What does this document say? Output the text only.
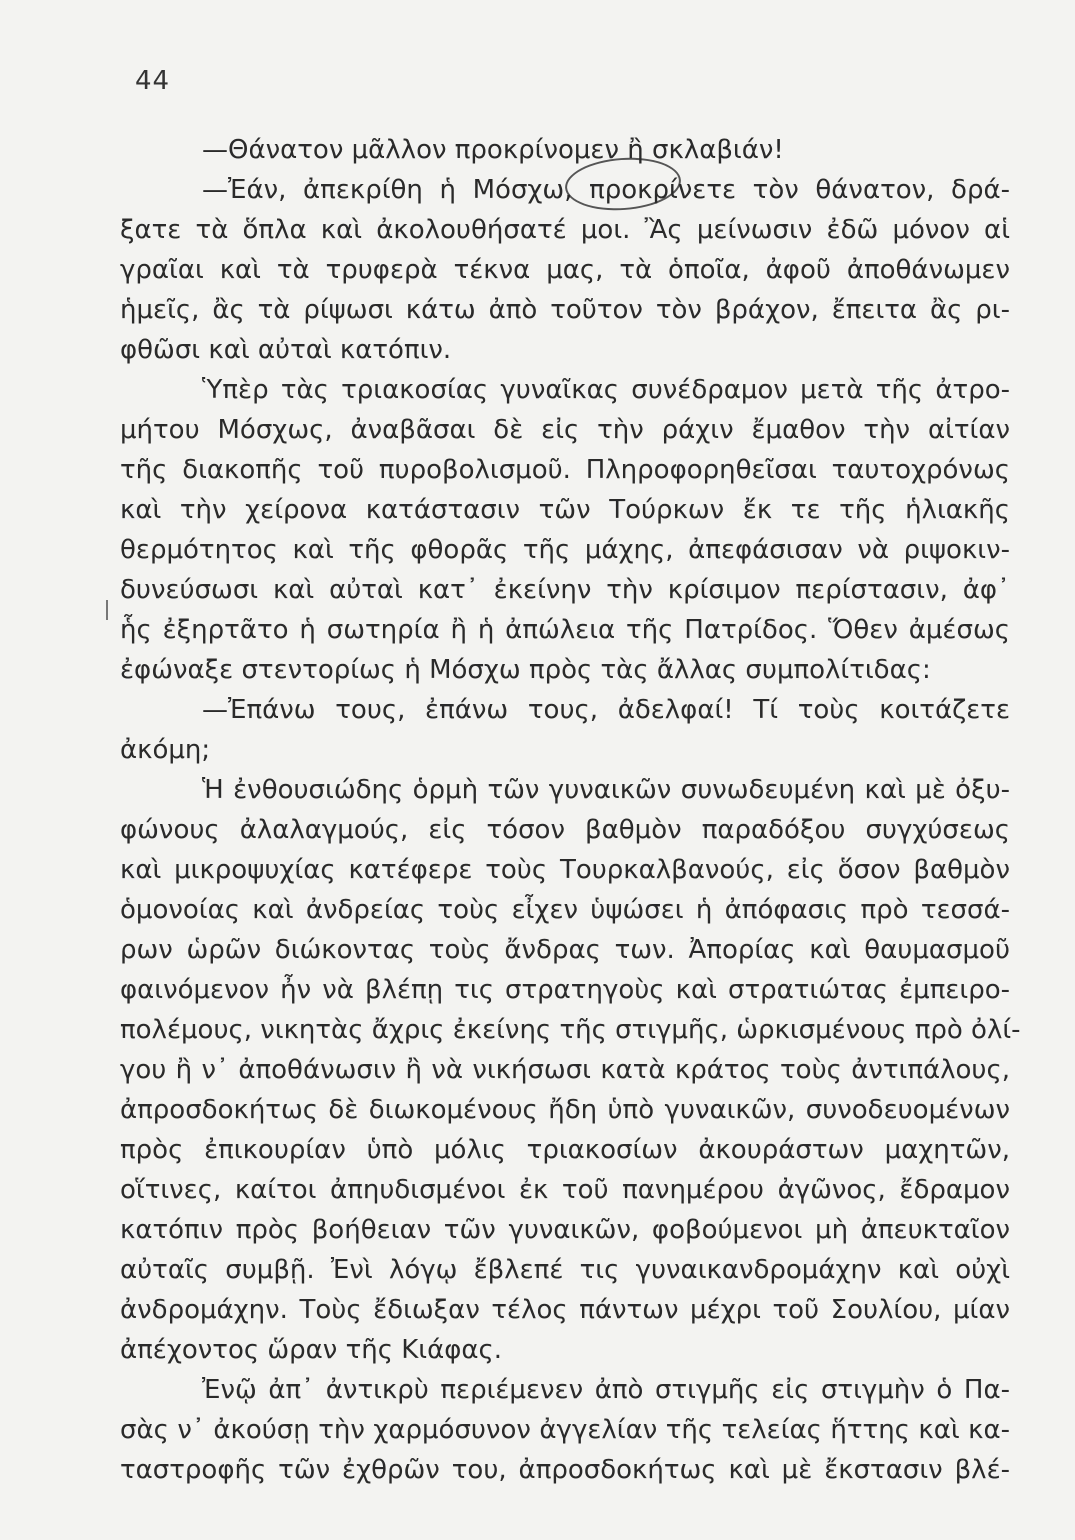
44
—Θάνατον μᾶλλον προκρίνομεν ἢ σκλαβιάν!
—Ἐάν, ἀπεκρίθη ἡ Μόσχω, προκρίνετε τὸν θάνατον, δρά-
ξατε τὰ ὅπλα καὶ ἀκολουθήσατέ μοι. Ἂς μείνωσιν ἐδῶ μόνον αἱ
γραῖαι καὶ τὰ τρυφερὰ τέκνα μας, τὰ ὁποῖα, ἀφοῦ ἀποθάνωμεν
ἡμεῖς, ἂς τὰ ρίψωσι κάτω ἀπὸ τοῦτον τὸν βράχον, ἔπειτα ἂς ρι-
φθῶσι καὶ αὐταὶ κατόπιν.
Ὑπὲρ τὰς τριακοσίας γυναῖκας συνέδραμον μετὰ τῆς ἀτρο-
μήτου Μόσχως, ἀναβᾶσαι δὲ εἰς τὴν ράχιν ἔμαθον τὴν αἰτίαν
τῆς διακοπῆς τοῦ πυροβολισμοῦ. Πληροφορηθεῖσαι ταυτοχρόνως
καὶ τὴν χείρονα κατάστασιν τῶν Τούρκων ἔκ τε τῆς ἡλιακῆς
θερμότητος καὶ τῆς φθορᾶς τῆς μάχης, ἀπεφάσισαν νὰ ριψοκιν-
δυνεύσωσι καὶ αὐταὶ κατ᾽ ἐκείνην τὴν κρίσιμον περίστασιν, ἀφ᾽
ἧς ἐξηρτᾶτο ἡ σωτηρία ἢ ἡ ἀπώλεια τῆς Πατρίδος. Ὅθεν ἀμέσως
ἐφώναξε στεντορίως ἡ Μόσχω πρὸς τὰς ἄλλας συμπολίτιδας:
—Ἐπάνω τους, ἐπάνω τους, ἀδελφαί! Τί τοὺς κοιτάζετε
ἀκόμη;
Ἡ ἐνθουσιώδης ὁρμὴ τῶν γυναικῶν συνωδευμένη καὶ μὲ ὀξυ-
φώνους ἀλαλαγμούς, εἰς τόσον βαθμὸν παραδόξου συγχύσεως
καὶ μικροψυχίας κατέφερε τοὺς Τουρκαλβανούς, εἰς ὅσον βαθμὸν
ὁμονοίας καὶ ἀνδρείας τοὺς εἶχεν ὑψώσει ἡ ἀπόφασις πρὸ τεσσά-
ρων ὡρῶν διώκοντας τοὺς ἄνδρας των. Ἀπορίας καὶ θαυμασμοῦ
φαινόμενον ἦν νὰ βλέπῃ τις στρατηγοὺς καὶ στρατιώτας ἐμπειρο-
πολέμους, νικητὰς ἄχρις ἐκείνης τῆς στιγμῆς, ὡρκισμένους πρὸ ὀλί-
γου ἢ ν᾽ ἀποθάνωσιν ἢ νὰ νικήσωσι κατὰ κράτος τοὺς ἀντιπάλους,
ἀπροσδοκήτως δὲ διωκομένους ἤδη ὑπὸ γυναικῶν, συνοδευομένων
πρὸς ἐπικουρίαν ὑπὸ μόλις τριακοσίων ἀκουράστων μαχητῶν,
οἵτινες, καίτοι ἀπηυδισμένοι ἐκ τοῦ πανημέρου ἀγῶνος, ἔδραμον
κατόπιν πρὸς βοήθειαν τῶν γυναικῶν, φοβούμενοι μὴ ἀπευκταῖον
αὐταῖς συμβῇ. Ἐνὶ λόγῳ ἔβλεπέ τις γυναικανδρομάχην καὶ οὐχὶ
ἀνδρομάχην. Τοὺς ἔδιωξαν τέλος πάντων μέχρι τοῦ Σουλίου, μίαν
ἀπέχοντος ὥραν τῆς Κιάφας.
Ἐνῷ ἀπ᾽ ἀντικρὺ περιέμενεν ἀπὸ στιγμῆς εἰς στιγμὴν ὁ Πα-
σὰς ν᾽ ἀκούσῃ τὴν χαρμόσυνον ἀγγελίαν τῆς τελείας ἥττης καὶ κα-
ταστροφῆς τῶν ἐχθρῶν του, ἀπροσδοκήτως καὶ μὲ ἔκστασιν βλέ-
